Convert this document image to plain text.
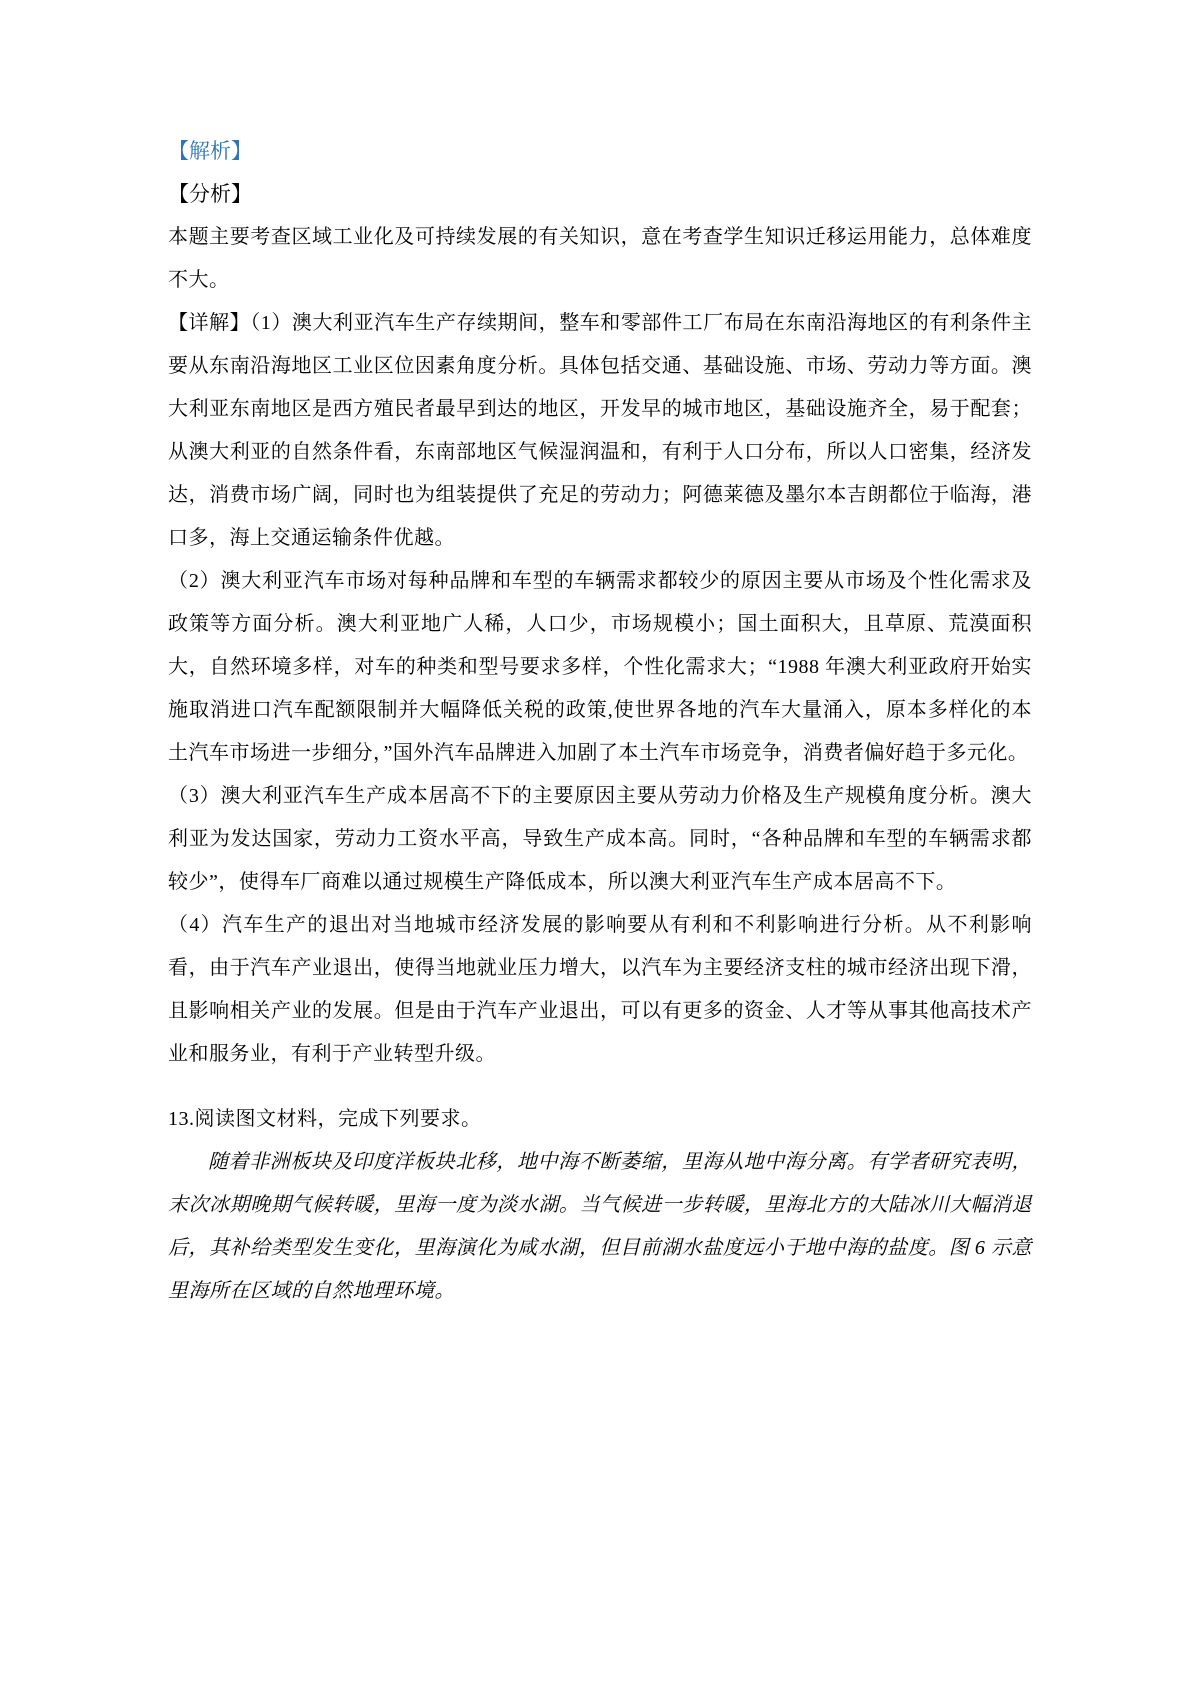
【解析】

【分析】

本题主要考查区域工业化及可持续发展的有关知识，意在考查学生知识迁移运用能力，总体难度不大。

【详解】（1）澳大利亚汽车生产存续期间，整车和零部件工厂布局在东南沿海地区的有利条件主要从东南沿海地区工业区位因素角度分析。具体包括交通、基础设施、市场、劳动力等方面。澳大利亚东南地区是西方殖民者最早到达的地区，开发早的城市地区，基础设施齐全，易于配套；从澳大利亚的自然条件看，东南部地区气候湿润温和，有利于人口分布，所以人口密集，经济发达，消费市场广阔，同时也为组装提供了充足的劳动力；阿德莱德及墨尔本吉朗都位于临海，港口多，海上交通运输条件优越。

（2）澳大利亚汽车市场对每种品牌和车型的车辆需求都较少的原因主要从市场及个性化需求及政策等方面分析。澳大利亚地广人稀，人口少，市场规模小；国土面积大，且草原、荒漠面积大，自然环境多样，对车的种类和型号要求多样，个性化需求大；“1988 年澳大利亚政府开始实施取消进口汽车配额限制并大幅降低关税的政策,使世界各地的汽车大量涌入，原本多样化的本土汽车市场进一步细分，”国外汽车品牌进入加剧了本土汽车市场竞争，消费者偏好趋于多元化。

（3）澳大利亚汽车生产成本居高不下的主要原因主要从劳动力价格及生产规模角度分析。澳大利亚为发达国家，劳动力工资水平高，导致生产成本高。同时，“各种品牌和车型的车辆需求都较少”，使得车厂商难以通过规模生产降低成本，所以澳大利亚汽车生产成本居高不下。

（4）汽车生产的退出对当地城市经济发展的影响要从有利和不利影响进行分析。从不利影响看，由于汽车产业退出，使得当地就业压力增大，以汽车为主要经济支柱的城市经济出现下滑，且影响相关产业的发展。但是由于汽车产业退出，可以有更多的资金、人才等从事其他高技术产业和服务业，有利于产业转型升级。

13.阅读图文材料，完成下列要求。

随着非洲板块及印度洋板块北移，地中海不断萎缩，里海从地中海分离。有学者研究表明，末次冰期晚期气候转暖，里海一度为淡水湖。当气候进一步转暖，里海北方的大陆冰川大幅消退后，其补给类型发生变化，里海演化为咸水湖，但目前湖水盐度远小于地中海的盐度。图 6 示意里海所在区域的自然地理环境。
